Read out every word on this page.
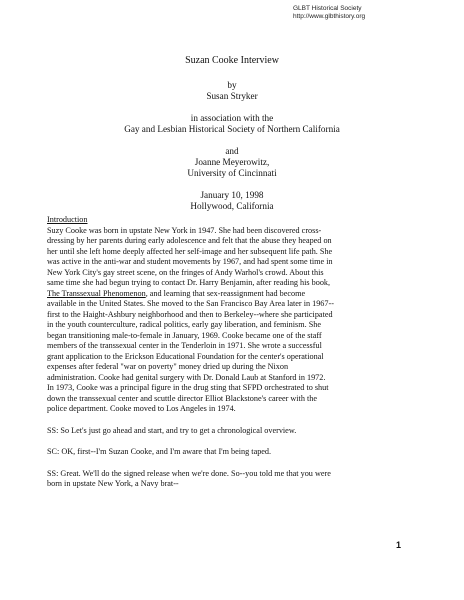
GLBT Historical Society
http://www.glbthistory.org
Suzan Cooke Interview
by
Susan Stryker
in association with the
Gay and Lesbian Historical Society of Northern California
and
Joanne Meyerowitz,
University of Cincinnati
January 10, 1998
Hollywood, California
Introduction
Suzy Cooke was born in upstate New York in 1947. She had been discovered cross-
dressing by her parents during early adolescence and felt that the abuse they heaped on
her until she left home deeply affected her self-image and her subsequent life path. She
was active in the anti-war and student movements by 1967, and had spent some time in
New York City's gay street scene, on the fringes of Andy Warhol's crowd. About this
same time she had begun trying to contact Dr. Harry Benjamin, after reading his book,
The Transsexual Phenomenon, and learning that sex-reassignment had become
available in the United States. She moved to the San Francisco Bay Area later in 1967--
first to the Haight-Ashbury neighborhood and then to Berkeley--where she participated
in the youth counterculture, radical politics, early gay liberation, and feminism. She
began transitioning male-to-female in January, 1969. Cooke became one of the staff
members of the transsexual center in the Tenderloin in 1971. She wrote a successful
grant application to the Erickson Educational Foundation for the center's operational
expenses after federal "war on poverty" money dried up during the Nixon
administration. Cooke had genital surgery with Dr. Donald Laub at Stanford in 1972.
In 1973, Cooke was a principal figure in the drug sting that SFPD orchestrated to shut
down the transsexual center and scuttle director Elliot Blackstone's career with the
police department. Cooke moved to Los Angeles in 1974.
SS: So Let's just go ahead and start, and try to get a chronological overview.
SC: OK, first--I'm Suzan Cooke, and I'm aware that I'm being taped.
SS: Great. We'll do the signed release when we're done. So--you told me that you were
born in upstate New York, a Navy brat--
1
